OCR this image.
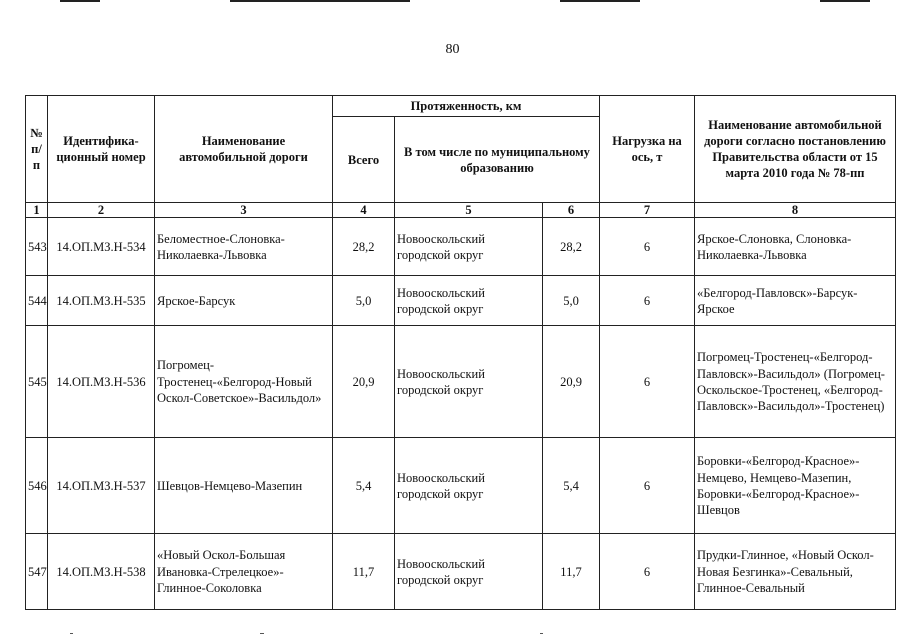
80
№ п/п	Идентифика-ционный номер	Наименование автомобильной дороги	Протяженность, км			Нагрузка на ось, т	Наименование автомобильной дороги согласно постановлению Правительства области от 15 марта 2010 года № 78-пп
			Всего	В том числе по муниципальному образованию			
1	2	3	4	5	6	7	8
543	14.ОП.МЗ.Н-534	Беломестное-Слоновка-Николаевка-Львовка	28,2	Новооскольский городской округ	28,2	6	Ярское-Слоновка, Слоновка-Николаевка-Львовка
544	14.ОП.МЗ.Н-535	Ярское-Барсук	5,0	Новооскольский городской округ	5,0	6	«Белгород-Павловск»-Барсук-Ярское
545	14.ОП.МЗ.Н-536	Погромец-Тростенец-«Белгород-Новый Оскол-Советское»-Васильдол»	20,9	Новооскольский городской округ	20,9	6	Погромец-Тростенец-«Белгород-Павловск»-Васильдол» (Погромец-Оскольское-Тростенец, «Белгород-Павловск»-Васильдол»-Тростенец)
546	14.ОП.МЗ.Н-537	Шевцов-Немцево-Мазепин	5,4	Новооскольский городской округ	5,4	6	Боровки-«Белгород-Красное»-Немцево, Немцево-Мазепин, Боровки-«Белгород-Красное»-Шевцов
547	14.ОП.МЗ.Н-538	«Новый Оскол-Большая Ивановка-Стрелецкое»-Глинное-Соколовка	11,7	Новооскольский городской округ	11,7	6	Прудки-Глинное, «Новый Оскол-Новая Безгинка»-Севальный, Глинное-Севальный
